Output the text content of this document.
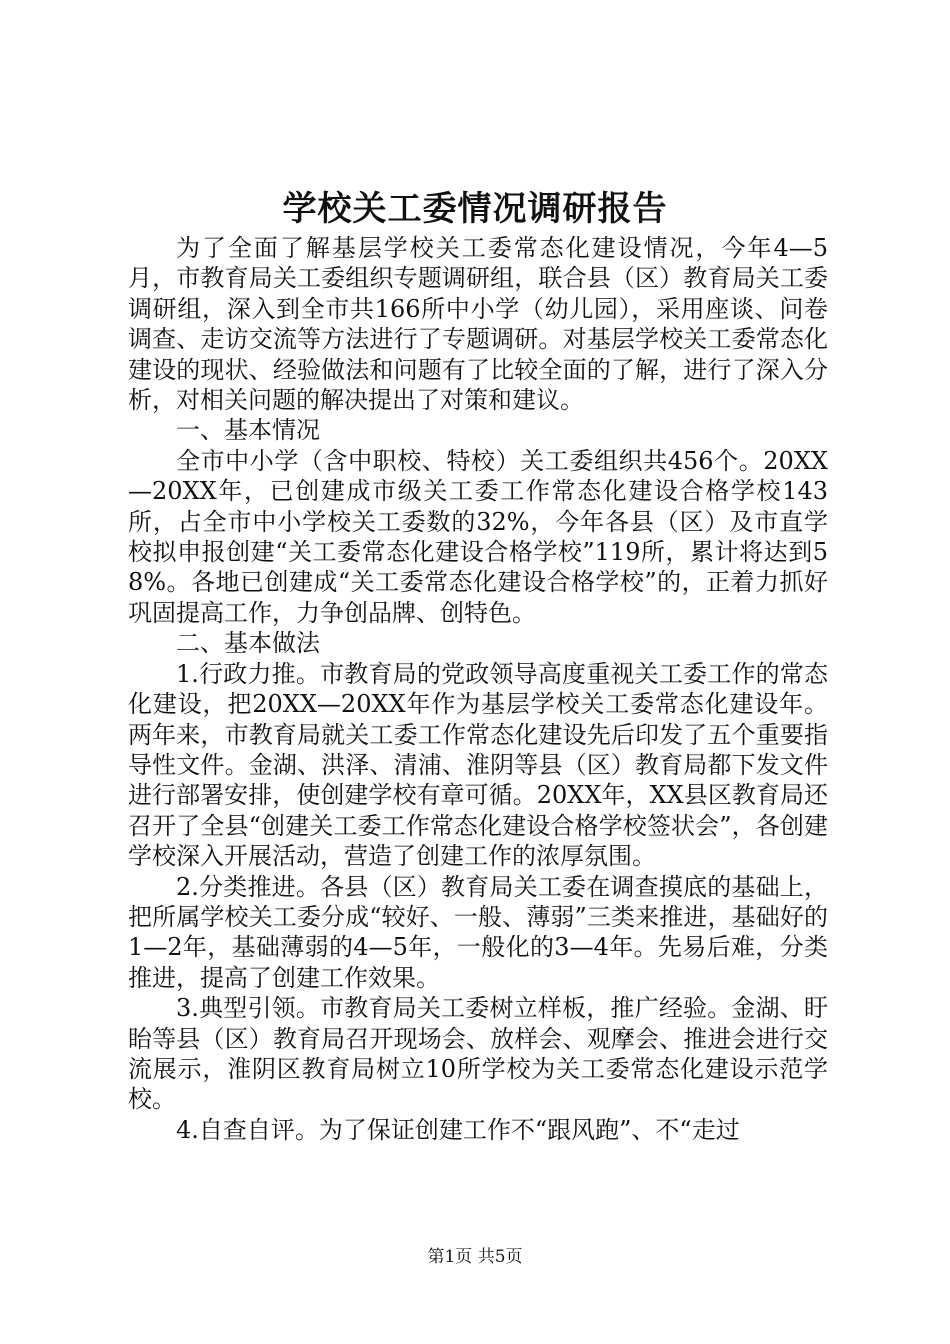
学校关工委情况调研报告

为了全面了解基层学校关工委常态化建设情况，今年4—5月，市教育局关工委组织专题调研组，联合县（区）教育局关工委调研组，深入到全市共166所中小学（幼儿园），采用座谈、问卷调查、走访交流等方法进行了专题调研。对基层学校关工委常态化建设的现状、经验做法和问题有了比较全面的了解，进行了深入分析，对相关问题的解决提出了对策和建议。

一、基本情况

全市中小学（含中职校、特校）关工委组织共456个。20XX—20XX年，已创建成市级关工委工作常态化建设合格学校143所，占全市中小学校关工委数的32%，今年各县（区）及市直学校拟申报创建“关工委常态化建设合格学校”119所，累计将达到58%。各地已创建成“关工委常态化建设合格学校”的，正着力抓好巩固提高工作，力争创品牌、创特色。

二、基本做法

1.行政力推。市教育局的党政领导高度重视关工委工作的常态化建设，把20XX—20XX年作为基层学校关工委常态化建设年。两年来，市教育局就关工委工作常态化建设先后印发了五个重要指导性文件。金湖、洪泽、清浦、淮阴等县（区）教育局都下发文件进行部署安排，使创建学校有章可循。20XX年，XX县区教育局还召开了全县“创建关工委工作常态化建设合格学校签状会”，各创建学校深入开展活动，营造了创建工作的浓厚氛围。

2.分类推进。各县（区）教育局关工委在调查摸底的基础上，把所属学校关工委分成“较好、一般、薄弱”三类来推进，基础好的1—2年，基础薄弱的4—5年，一般化的3—4年。先易后难，分类推进，提高了创建工作效果。

3.典型引领。市教育局关工委树立样板，推广经验。金湖、盱眙等县（区）教育局召开现场会、放样会、观摩会、推进会进行交流展示，淮阴区教育局树立10所学校为关工委常态化建设示范学校。

4.自查自评。为了保证创建工作不“跟风跑”、不“走过

第1页 共5页
